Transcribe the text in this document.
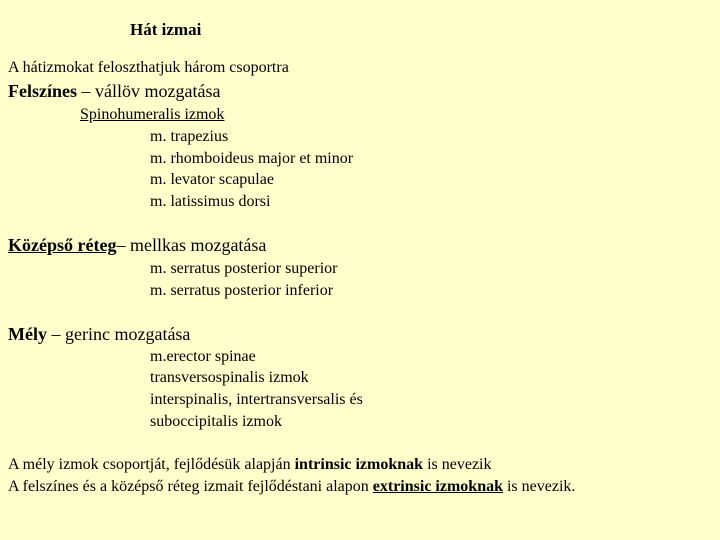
Hát izmai
A hátizmokat feloszthatjuk három csoportra
Felszínes – vállöv mozgatása
Spinohumeralis izmok
m. trapezius
m. rhomboideus major et minor
m. levator scapulae
m. latissimus dorsi
Középső réteg– mellkas mozgatása
m. serratus posterior superior
m. serratus posterior inferior
Mély – gerinc mozgatása
m.erector spinae
transversospinalis izmok
interspinalis, intertransversalis és
suboccipitalis izmok
A mély izmok csoportját, fejlődésük alapján intrinsic izmoknak is nevezik
A felszínes és a középső réteg izmait fejlődéstani alapon extrinsic izmoknak is nevezik.
